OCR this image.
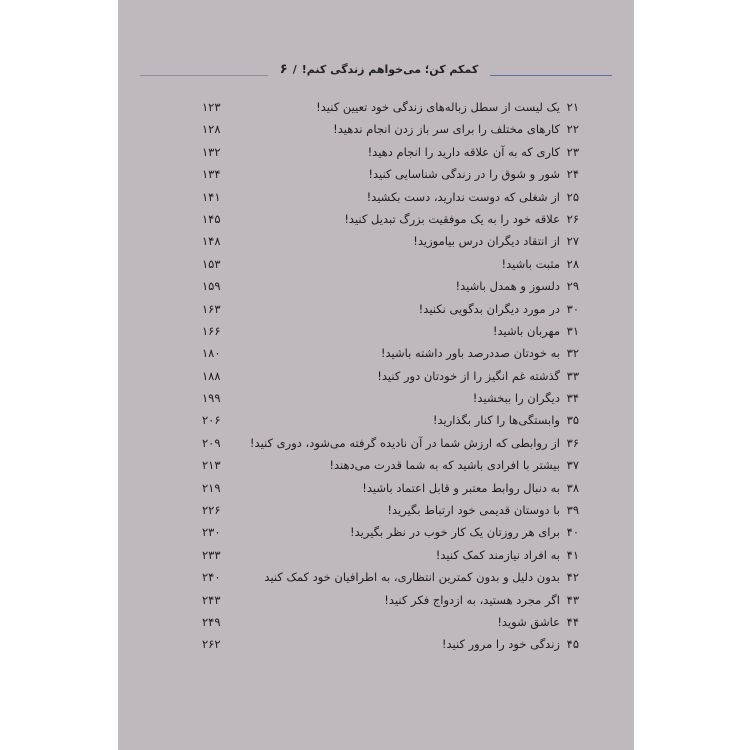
کمکم کن؛ می‌خواهم زندگی کنم!/۶
۲۱ یک لیست از سطل زباله‌های زندگی خود تعیین کنید!
۱۲۳
۲۲ کارهای مختلف را برای سر باز زدن انجام ندهید!
۱۲۸
۲۳ کاری که به آن علاقه دارید را انجام دهید!
۱۳۲
۲۴ شور و شوق را در زندگی شناسایی کنید!
۱۳۴
۲۵ از شغلی که دوست ندارید، دست بکشید!
۱۴۱
۲۶ علاقه خود را به یک موفقیت بزرگ تبدیل کنید!
۱۴۵
۲۷ از انتقاد دیگران درس بیاموزید!
۱۴۸
۲۸ مثبت باشید!
۱۵۳
۲۹ دلسوز و همدل باشید!
۱۵۹
۳۰ در مورد دیگران بدگویی نکنید!
۱۶۳
۳۱ مهربان باشید!
۱۶۶
۳۲ به خودتان صددرصد باور داشته باشید!
۱۸۰
۳۳ گذشته غم انگیز را از خودتان دور کنید!
۱۸۸
۳۴ دیگران را ببخشید!
۱۹۹
۳۵ وابستگی‌ها را کنار بگذارید!
۲۰۶
۳۶ از روابطی که ارزش شما در آن نادیده گرفته می‌شود، دوری کنید!
۲۰۹
۳۷ بیشتر با افرادی باشید که به شما قدرت می‌دهند!
۲۱۳
۳۸ به دنبال روابط معتبر و قابل اعتماد باشید!
۲۱۹
۳۹ با دوستان قدیمی خود ارتباط بگیرید!
۲۲۶
۴۰ برای هر روزتان یک کار خوب در نظر بگیرید!
۲۳۰
۴۱ به افراد نیازمند کمک کنید!
۲۳۳
۴۲ بدون دلیل و بدون کمترین انتظاری، به اطرافیان خود کمک کنید
۲۴۰
۴۳ اگر مجرد هستید، به ازدواج فکر کنید!
۲۴۳
۴۴ عاشق شوید!
۲۴۹
۴۵ زندگی خود را مرور کنید!
۲۶۲
